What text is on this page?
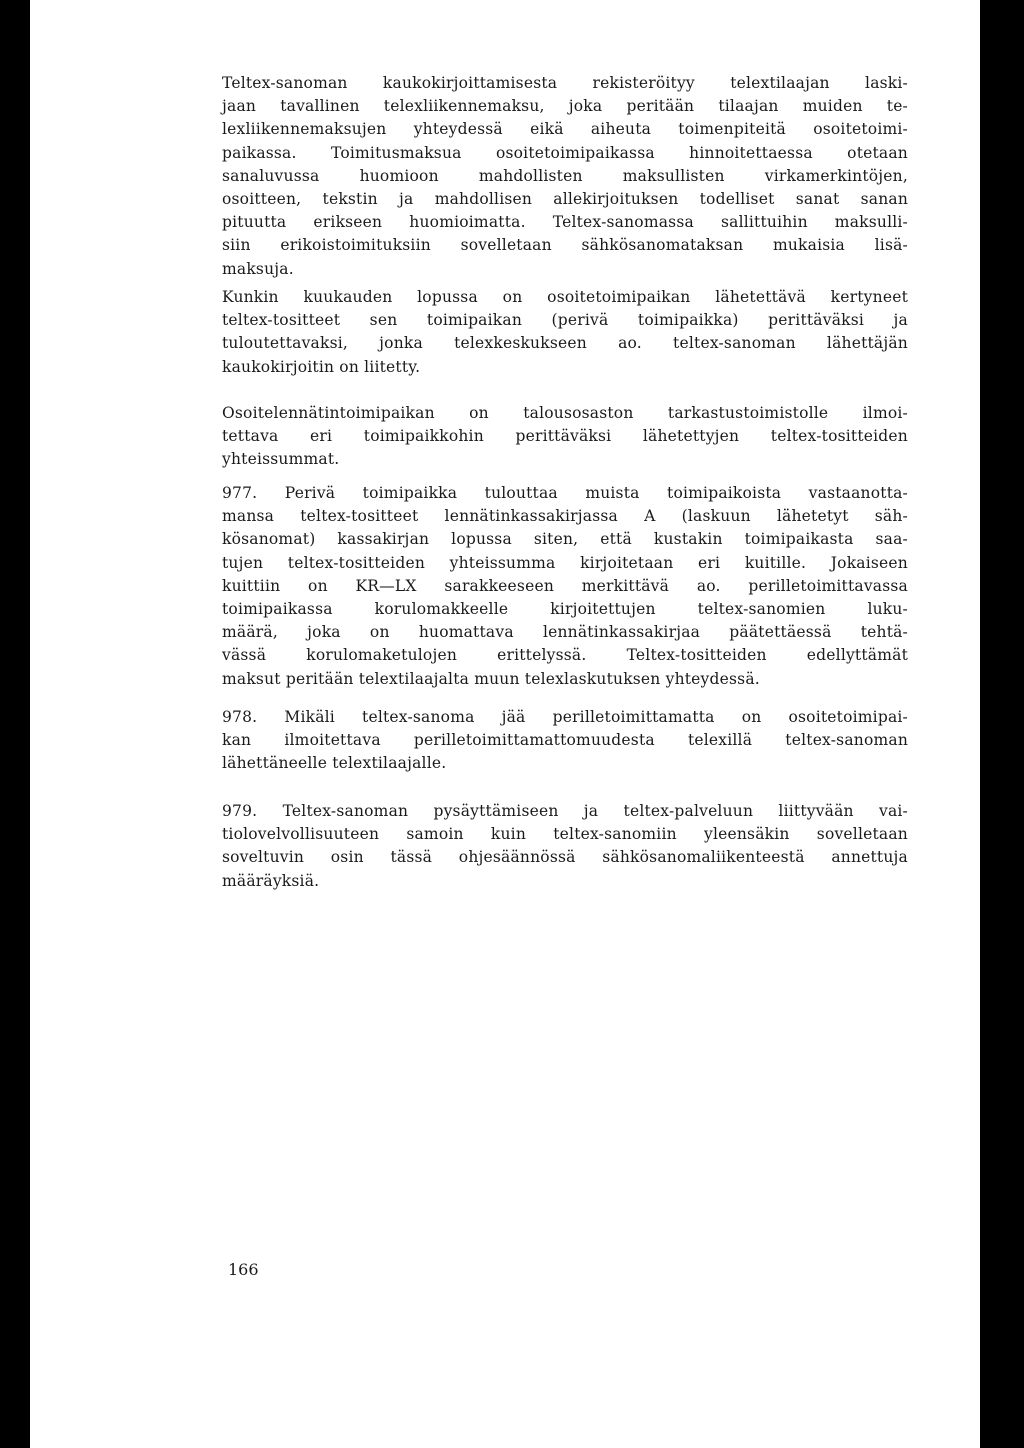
Teltex-sanoman kaukokirjoittamisesta rekisteröityy telextilaajan laski-
jaan tavallinen telexliikennemaksu, joka peritään tilaajan muiden te-
lexliikennemaksujen yhteydessä eikä aiheuta toimenpiteitä osoitetoimi-
paikassa. Toimitusmaksua osoitetoimipaikassa hinnoitettaessa otetaan
sanaluvussa huomioon mahdollisten maksullisten virkamerkintöjen,
osoitteen, tekstin ja mahdollisen allekirjoituksen todelliset sanat sanan
pituutta erikseen huomioimatta. Teltex-sanomassa sallittuihin maksulli-
siin erikoistoimituksiin sovelletaan sähkösanomataksan mukaisia lisä-
maksuja.
Kunkin kuukauden lopussa on osoitetoimipaikan lähetettävä kertyneet
teltex-tositteet sen toimipaikan (perivä toimipaikka) perittäväksi ja
tuloutettavaksi, jonka telexkeskukseen ao. teltex-sanoman lähettäjän
kaukokirjoitin on liitetty.
Osoitelennätintoimipaikan on talousosaston tarkastustoimistolle ilmoi-
tettava eri toimipaikkohin perittäväksi lähetettyjen teltex-tositteiden
yhteissummat.
977. Perivä toimipaikka tulouttaa muista toimipaikoista vastaanotta-
mansa teltex-tositteet lennätinkassakirjassa A (laskuun lähetetyt säh-
kösanomat) kassakirjan lopussa siten, että kustakin toimipaikasta saa-
tujen teltex-tositteiden yhteissumma kirjoitetaan eri kuitille. Jokaiseen
kuittiin on KR—LX sarakkeeseen merkittävä ao. perilletoimittavassa
toimipaikassa korulomakkeelle kirjoitettujen teltex-sanomien luku-
määrä, joka on huomattava lennätinkassakirjaa päätettäessä tehtä-
vässä korulomaketulojen erittelyssä. Teltex-tositteiden edellyttämät
maksut peritään telextilaajalta muun telexlaskutuksen yhteydessä.
978. Mikäli teltex-sanoma jää perilletoimittamatta on osoitetoimipai-
kan ilmoitettava perilletoimittamattomuudesta telexillä teltex-sanoman
lähettäneelle telextilaajalle.
979. Teltex-sanoman pysäyttämiseen ja teltex-palveluun liittyvään vai-
tiolovelvollisuuteen samoin kuin teltex-sanomiin yleensäkin sovelletaan
soveltuvin osin tässä ohjesäännössä sähkösanomaliikenteestä annettuja
määräyksiä.
166
